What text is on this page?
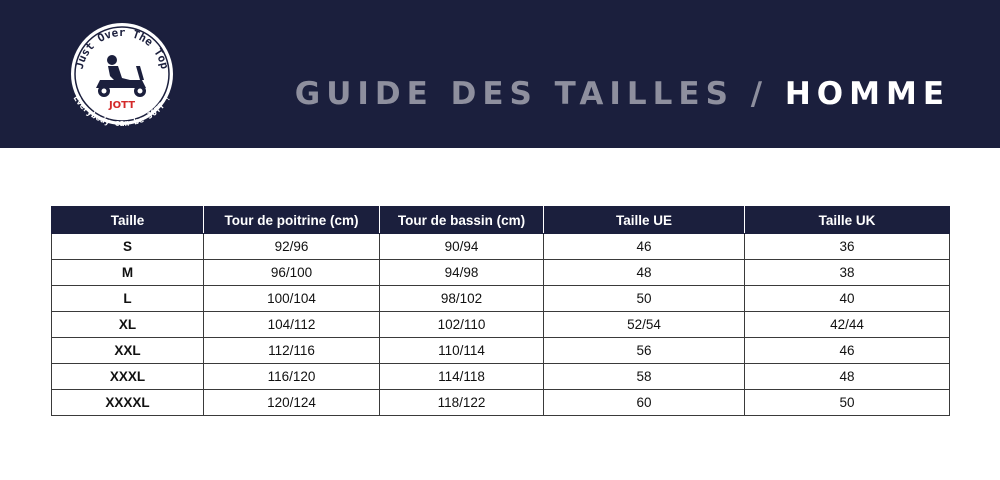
Just Over The Top
JOTT
Everybody can be JOTT !	GUIDE DES TAILLES / HOMME
Taille	Tour de poitrine (cm)	Tour de bassin (cm)	Taille UE	Taille UK
S	92/96	90/94	46	36
M	96/100	94/98	48	38
L	100/104	98/102	50	40
XL	104/112	102/110	52/54	42/44
XXL	112/116	110/114	56	46
XXXL	116/120	114/118	58	48
XXXXL	120/124	118/122	60	50
